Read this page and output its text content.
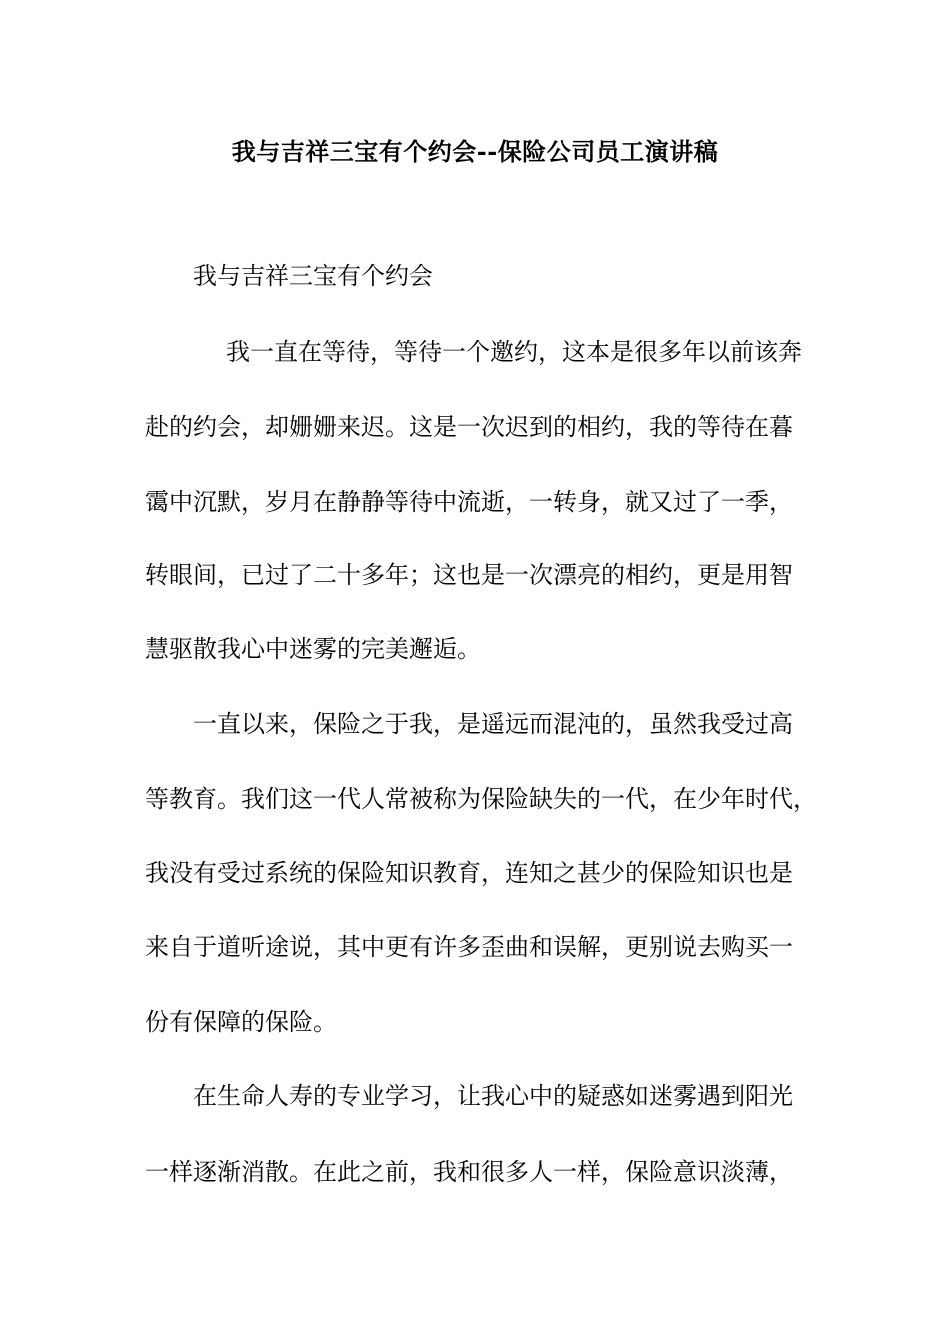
我与吉祥三宝有个约会--保险公司员工演讲稿
我与吉祥三宝有个约会
我一直在等待，等待一个邀约，这本是很多年以前该奔
赴的约会，却姗姗来迟。这是一次迟到的相约，我的等待在暮
霭中沉默，岁月在静静等待中流逝，一转身，就又过了一季，
转眼间，已过了二十多年；这也是一次漂亮的相约，更是用智
慧驱散我心中迷雾的完美邂逅。
一直以来，保险之于我，是遥远而混沌的，虽然我受过高
等教育。我们这一代人常被称为保险缺失的一代，在少年时代，
我没有受过系统的保险知识教育，连知之甚少的保险知识也是
来自于道听途说，其中更有许多歪曲和误解，更别说去购买一
份有保障的保险。
在生命人寿的专业学习，让我心中的疑惑如迷雾遇到阳光
一样逐渐消散。在此之前，我和很多人一样，保险意识淡薄，
